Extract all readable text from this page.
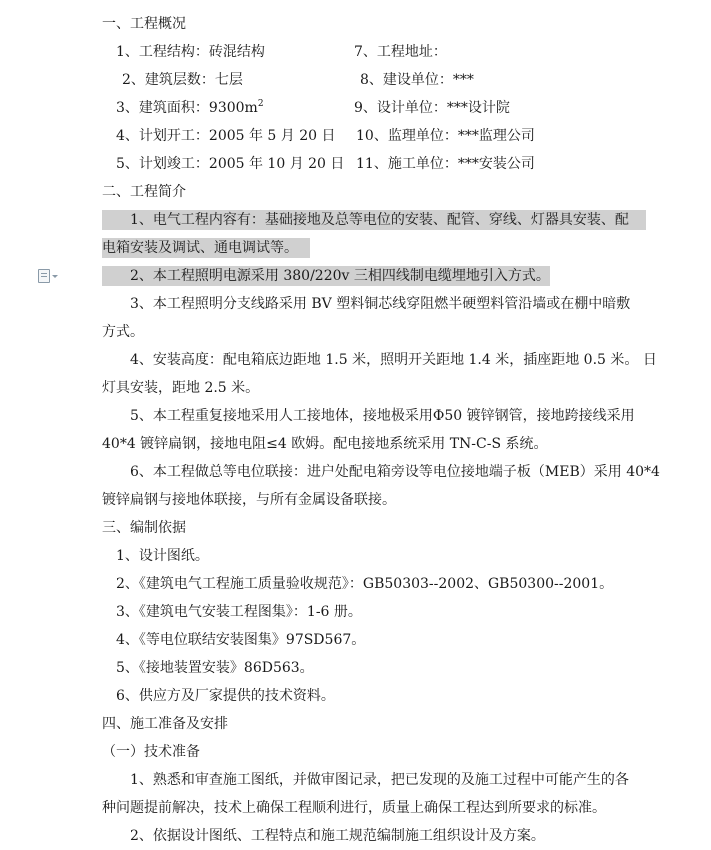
一、工程概况
1、工程结构：砖混结构	7、工程地址：
2、建筑层数：七层	8、建设单位：***
3、建筑面积：$9300m^2$	9、设计单位：***设计院
4、计划开工：2005 年 5 月 20 日 10、监理单位：***监理公司
5、计划竣工：2005 年 10 月 20 日 11、施工单位：***安装公司
二、工程简介
1、电气工程内容有：基础接地及总等电位的安装、配管、穿线、灯器具安装、配
电箱安装及调试、通电调试等。
2、本工程照明电源采用 380/220v 三相四线制电缆埋地引入方式。
3、本工程照明分支线路采用 BV 塑料铜芯线穿阻燃半硬塑料管沿墙或在棚中暗敷
方式。
4、安装高度：配电箱底边距地 1.5 米，照明开关距地 1.4 米，插座距地 0.5 米。 日
灯具安装，距地 2.5 米。
5、本工程重复接地采用人工接地体，接地极采用Φ50 镀锌钢管，接地跨接线采用
40*4 镀锌扁钢，接地电阻≤4 欧姆。配电接地系统采用 TN-C-S 系统。
6、本工程做总等电位联接：进户处配电箱旁设等电位接地端子板（MEB）采用 40*4
镀锌扁钢与接地体联接，与所有金属设备联接。
三、编制依据
1、设计图纸。
2、《建筑电气工程施工质量验收规范》：GB50303--2002、GB50300--2001。
3、《建筑电气安装工程图集》：1-6 册。
4、《等电位联结安装图集》97SD567。
5、《接地装置安装》86D563。
6、供应方及厂家提供的技术资料。
四、施工准备及安排
（一）技术准备
1、熟悉和审查施工图纸，并做审图记录，把已发现的及施工过程中可能产生的各
种问题提前解决，技术上确保工程顺利进行，质量上确保工程达到所要求的标准。
2、依据设计图纸、工程特点和施工规范编制施工组织设计及方案。
